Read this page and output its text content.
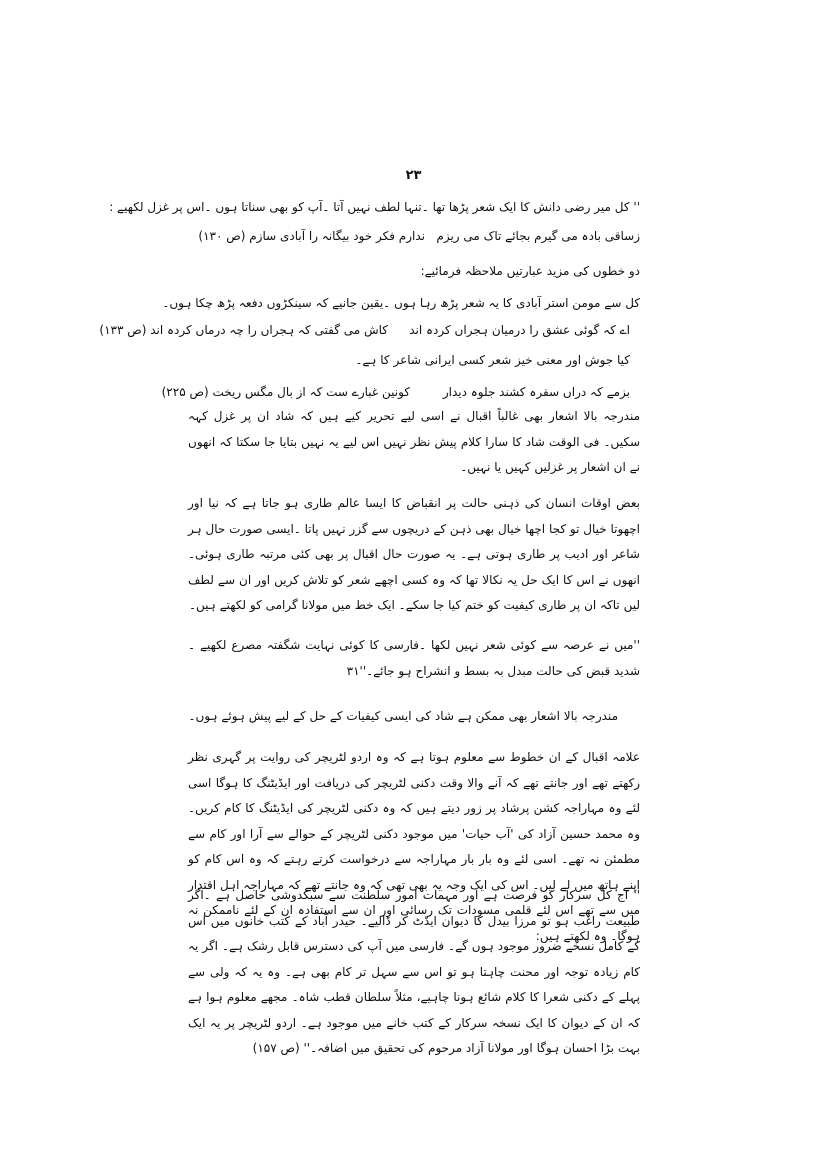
۲۳
'' کل میر رضی دانش کا ایک شعر پڑھا تھا ۔تنہا لطف نہیں آتا ۔آپ کو بھی سناتا ہوں ۔اس پر غزل لکھیے :
زساقی بادہ می گیرم بجائے تاک می ریزم
ندارم فکر خود بیگانہ را آبادی سازم (ص ۱۳۰)
دو خطوں کی مزید عبارتیں ملاحظہ فرمائیے:
کل سے مومن استر آبادی کا یہ شعر پڑھ رہا ہوں ۔یقین جانیے کہ سینکڑوں دفعہ پڑھ چکا ہوں۔
اے کہ گوئی عشق را درمیان ہجراں کردہ اند
کاش می گفتی کہ ہجراں را چہ درماں کردہ اند (ص ۱۳۳)
کیا جوش اور معنی خیز شعر کسی ایرانی شاعر کا ہے۔
بزمے کہ دراں سفرہ کشند جلوہ دیدار
کونین غبارے ست کہ از بال مگس ریخت (ص ۲۲۵)
مندرجہ بالا اشعار بھی غالباً اقبال نے اسی لیے تحریر کیے ہیں کہ شاد ان پر غزل کہہ سکیں۔ فی الوقت شاد کا سارا کلام پیش نظر نہیں اس لیے یہ نہیں بتایا جا سکتا کہ انھوں نے ان اشعار پر غزلیں کہیں یا نہیں۔
بعض اوقات انسان کی ذہنی حالت پر انقباض کا ایسا عالم طاری ہو جاتا ہے کہ نیا اور اچھوتا خیال تو کجا اچھا خیال بھی ذہن کے دریچوں سے گزر نہیں پاتا ۔ایسی صورت حال ہر شاعر اور ادیب پر طاری ہوتی ہے۔ یہ صورت حال اقبال پر بھی کئی مرتبہ طاری ہوئی۔ انھوں نے اس کا ایک حل یہ نکالا تھا کہ وہ کسی اچھے شعر کو تلاش کریں اور ان سے لطف لیں تاکہ ان پر طاری کیفیت کو ختم کیا جا سکے۔ ایک خط میں مولانا گرامی کو لکھتے ہیں۔
''میں نے عرصہ سے کوئی شعر نہیں لکھا ۔فارسی کا کوئی نہایت شگفتہ مصرع لکھیے ۔شدید قبض کی حالت مبدل بہ بسط و انشراح ہو جائے۔''۳۱
مندرجہ بالا اشعار بھی ممکن ہے شاد کی ایسی کیفیات کے حل کے لیے پیش ہوئے ہوں۔
علامہ اقبال کے ان خطوط سے معلوم ہوتا ہے کہ وہ اردو لٹریچر کی روایت پر گہری نظر رکھتے تھے اور جانتے تھے کہ آنے والا وقت دکنی لٹریچر کی دریافت اور ایڈیٹنگ کا ہوگا اسی لئے وہ مہاراجہ کشن پرشاد پر زور دیتے ہیں کہ وہ دکنی لٹریچر کی ایڈیٹنگ کا کام کریں۔ وہ محمد حسین آزاد کی 'آب حیات' میں موجود دکنی لٹریچر کے حوالے سے آرا اور کام سے مطمئن نہ تھے۔ اسی لئے وہ بار بار مہاراجہ سے درخواست کرتے رہتے کہ وہ اس کام کو اپنے ہاتھ میں لے لیں۔ اس کی ایک وجہ یہ بھی تھی کہ وہ جانتے تھے کہ مہاراجہ اہل اقتدار میں سے تھے اس لئے قلمی مسودات تک رسائی اور ان سے استفادہ ان کے لئے ناممکن نہ ہوگا۔ وہ لکھتے ہیں:
'' آج کل سرکار کو فرصت ہے اور مہمات امور سلطنت سے سبکدوشی حاصل ہے ۔اگر طبیعت راغب ہو تو مرزا بیدل کا دیوان ایڈٹ کر ڈالیے۔ حیدر آباد کے کتب خانوں میں اس کے کامل نسخے ضرور موجود ہوں گے۔ فارسی میں آپ کی دسترس قابل رشک ہے۔ اگر یہ کام زیادہ توجہ اور محنت چاہتا ہو تو اس سے سہل تر کام بھی ہے۔ وہ یہ کہ ولی سے پہلے کے دکنی شعرا کا کلام شائع ہونا چاہیے، مثلاً سلطان قطب شاہ۔ مجھے معلوم ہوا ہے کہ ان کے دیوان کا ایک نسخہ سرکار کے کتب خانے میں موجود ہے۔ اردو لٹریچر پر یہ ایک بہت بڑا احسان ہوگا اور مولانا آزاد مرحوم کی تحقیق میں اضافہ۔'' (ص ۱۵۷)
